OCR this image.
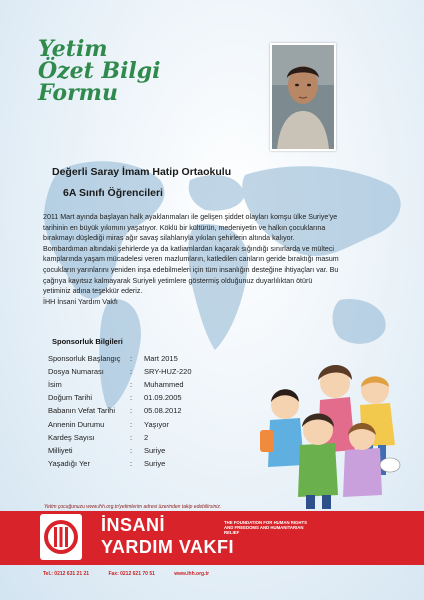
Yetim
Özet Bilgi
Formu
Değerli Saray İmam Hatip Ortaokulu
6A Sınıfı Öğrencileri

2011 Mart ayında başlayan halk ayaklanmaları ile gelişen şiddet olayları komşu ülke Suriye'ye

tarihinin en büyük yıkımını yaşatıyor. Köklü bir kültürün, medeniyetin ve halkın çocuklarına

bırakmayı düşlediği miras ağır savaş silahlarıyla yıkılan şehirlerin altında kalıyor.

Bombardıman altındaki şehirlerde ya da katliamlardan kaçarak sığındığı sınırlarda ve mülteci

kamplarında yaşam mücadelesi veren mazlumların, katledilen canların geride bıraktığı masum

çocukların yarınlarını yeniden inşa edebilmeleri için tüm insanlığın desteğine ihtiyaçları var. Bu

çağrıya kayıtsız kalmayarak Suriyeli yetimlere göstermiş olduğunuz duyarlılıktan ötürü

yetiminiz adına teşekkür ederiz.

İHH İnsani Yardım Vakfı

Sponsorluk Bilgileri
Sponsorluk Başlangıç	:	Mart 2015
Dosya Numarası	:	SRY-HUZ-220
İsim	:	Muhammed
Doğum Tarihi	:	01.09.2005
Babanın Vefat Tarihi	:	05.08.2012
Annenin Durumu	:	Yaşıyor
Kardeş Sayısı	:	2
Milliyeti	:	Suriye
Yaşadığı Yer	:	Suriye
Yetim çocuğunuzu www.ihh.org.tr/yetimlerim adresi üzerinden takip edebilirsiniz.
İNSANİ
YARDIM VAKFI
THE FOUNDATION FOR HUMAN RIGHTS AND FREEDOMS AND HUMANITARIAN RELIEF
Tel.: 0212 631 21 21	Fax: 0212 621 70 51	www.ihh.org.tr
